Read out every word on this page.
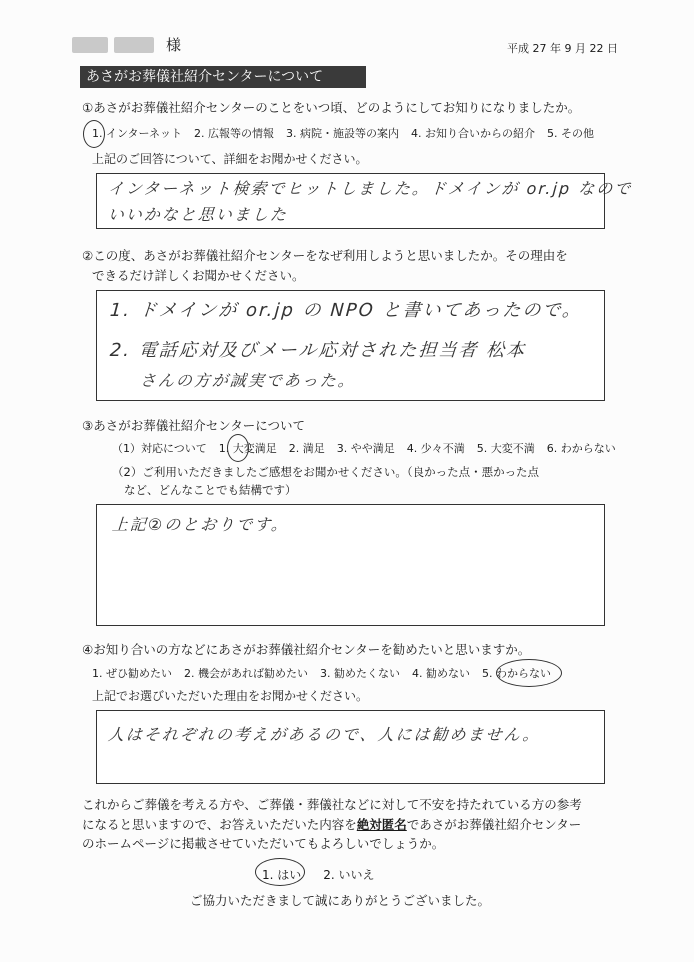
様	平成 27 年 9 月 22 日
あさがお葬儀社紹介センターについて
①あさがお葬儀社紹介センターのことをいつ頃、どのようにしてお知りになりましたか。
1. インターネット 2. 広報等の情報 3. 病院・施設等の案内 4. お知り合いからの紹介 5. その他
上記のご回答について、詳細をお聞かせください。
インターネット検索でヒットしました。ドメインが or.jp なので
いいかなと思いました
②この度、あさがお葬儀社紹介センターをなぜ利用しようと思いましたか。その理由を
できるだけ詳しくお聞かせください。
1. ドメインが or.jp の NPO と書いてあったので。
2. 電話応対及びメール応対された担当者 松本
さんの方が誠実であった。
③あさがお葬儀社紹介センターについて
（1）対応について 1. 大変満足 2. 満足 3. やや満足 4. 少々不満 5. 大変不満 6. わからない
（2）ご利用いただきましたご感想をお聞かせください。（良かった点・悪かった点
など、どんなことでも結構です）
上記②のとおりです。
④お知り合いの方などにあさがお葬儀社紹介センターを勧めたいと思いますか。
1. ぜひ勧めたい 2. 機会があれば勧めたい 3. 勧めたくない 4. 勧めない 5. わからない
上記でお選びいただいた理由をお聞かせください。
人はそれぞれの考えがあるので、人には勧めません。
これからご葬儀を考える方や、ご葬儀・葬儀社などに対して不安を持たれている方の参考
になると思いますので、お答えいただいた内容を絶対匿名であさがお葬儀社紹介センター
のホームページに掲載させていただいてもよろしいでしょうか。
1. はい 2. いいえ
ご協力いただきまして誠にありがとうございました。
